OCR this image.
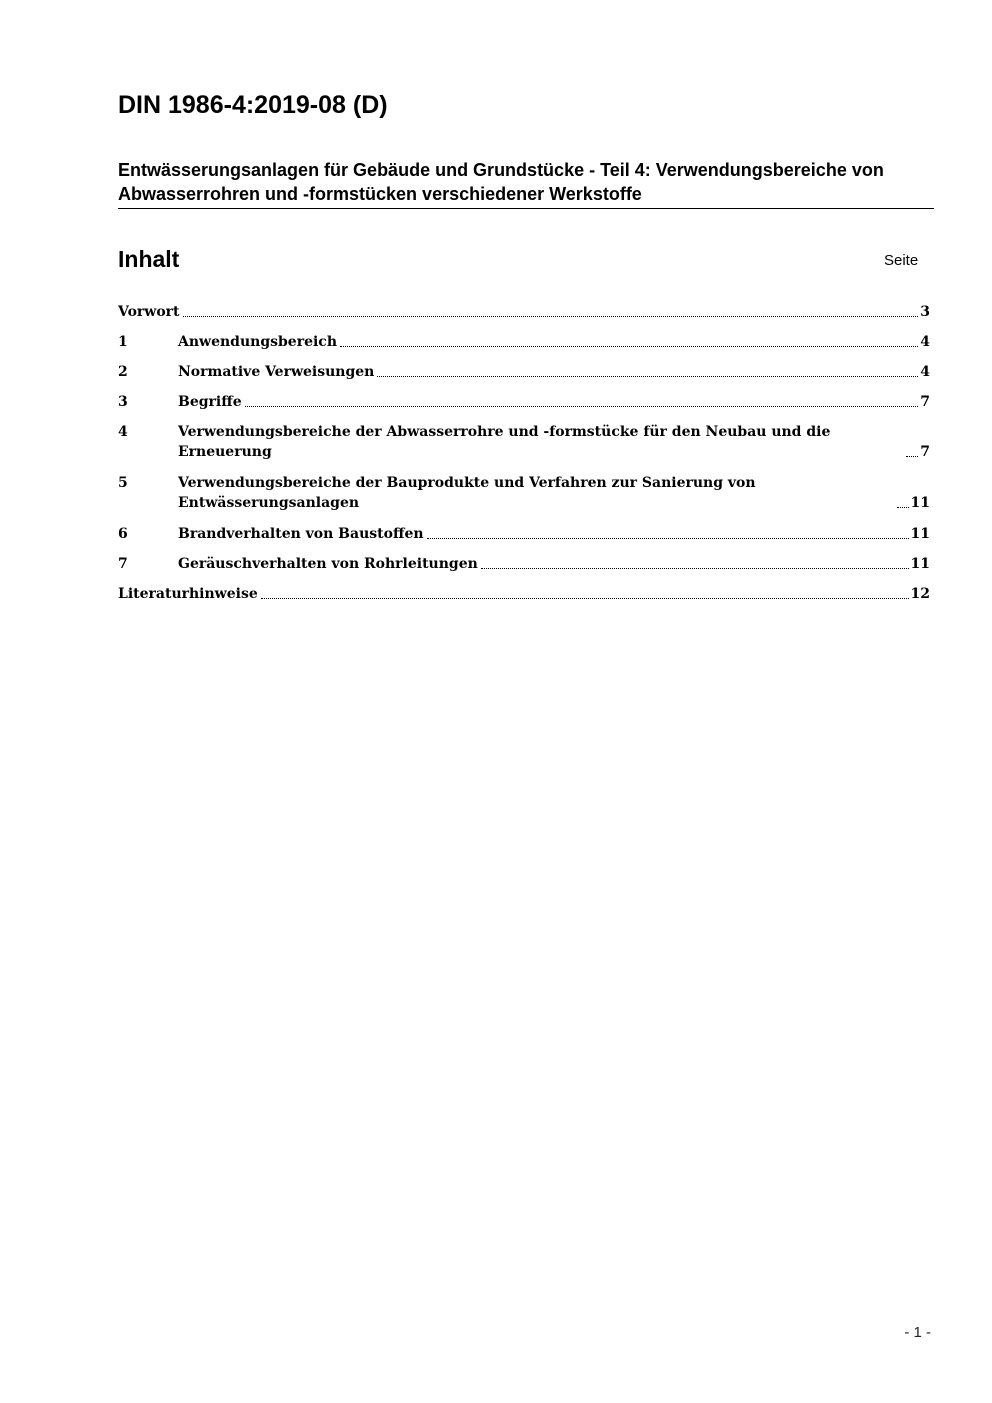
DIN 1986-4:2019-08 (D)
Entwässerungsanlagen für Gebäude und Grundstücke - Teil 4: Verwendungsbereiche von Abwasserrohren und -formstücken verschiedener Werkstoffe
Inhalt	Seite
Vorwort	3
1	Anwendungsbereich	4
2	Normative Verweisungen	4
3	Begriffe	7
4	Verwendungsbereiche der Abwasserrohre und -formstücke für den Neubau und die Erneuerung	7
5	Verwendungsbereiche der Bauprodukte und Verfahren zur Sanierung von Entwässerungsanlagen	11
6	Brandverhalten von Baustoffen	11
7	Geräuschverhalten von Rohrleitungen	11
Literaturhinweise	12
- 1 -
